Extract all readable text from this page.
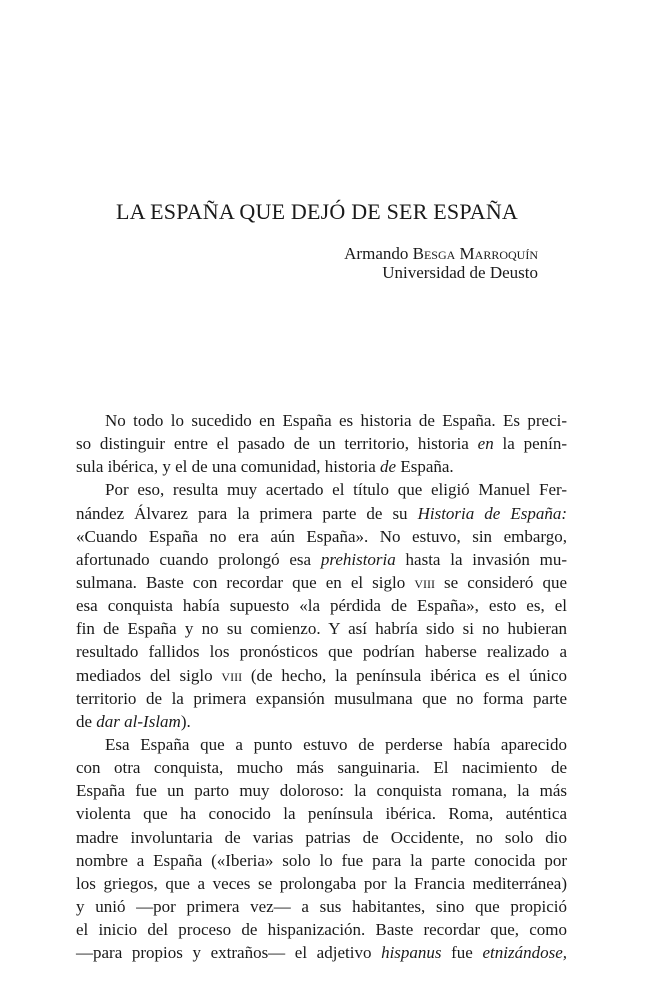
LA ESPAÑA QUE DEJÓ DE SER ESPAÑA
Armando Besga Marroquín
Universidad de Deusto
No todo lo sucedido en España es historia de España. Es preci-
so distinguir entre el pasado de un territorio, historia en la penín-
sula ibérica, y el de una comunidad, historia de España.
Por eso, resulta muy acertado el título que eligió Manuel Fer-
nández Álvarez para la primera parte de su Historia de España:
«Cuando España no era aún España». No estuvo, sin embargo,
afortunado cuando prolongó esa prehistoria hasta la invasión mu-
sulmana. Baste con recordar que en el siglo viii se consideró que
esa conquista había supuesto «la pérdida de España», esto es, el
fin de España y no su comienzo. Y así habría sido si no hubieran
resultado fallidos los pronósticos que podrían haberse realizado a
mediados del siglo viii (de hecho, la península ibérica es el único
territorio de la primera expansión musulmana que no forma parte
de dar al-Islam).
Esa España que a punto estuvo de perderse había aparecido
con otra conquista, mucho más sanguinaria. El nacimiento de
España fue un parto muy doloroso: la conquista romana, la más
violenta que ha conocido la península ibérica. Roma, auténtica
madre involuntaria de varias patrias de Occidente, no solo dio
nombre a España («Iberia» solo lo fue para la parte conocida por
los griegos, que a veces se prolongaba por la Francia mediterránea)
y unió —por primera vez— a sus habitantes, sino que propició
el inicio del proceso de hispanización. Baste recordar que, como
—para propios y extraños— el adjetivo hispanus fue etnizándose,
